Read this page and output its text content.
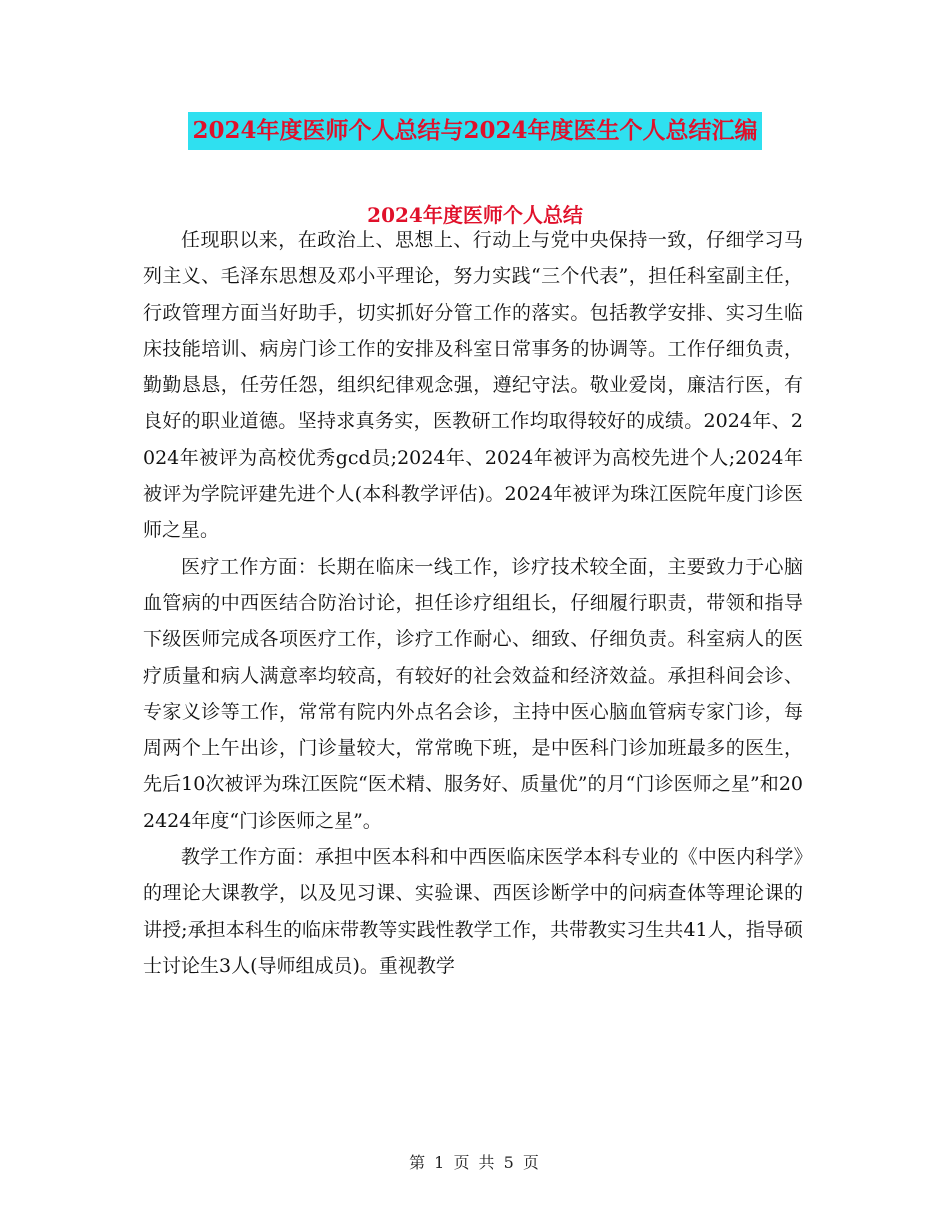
2024年度医师个人总结与2024年度医生个人总结汇编
2024年度医师个人总结

任现职以来，在政治上、思想上、行动上与党中央保持一致，仔细学习马列主义、毛泽东思想及邓小平理论，努力实践“三个代表”，担任科室副主任，行政管理方面当好助手，切实抓好分管工作的落实。包括教学安排、实习生临床技能培训、病房门诊工作的安排及科室日常事务的协调等。工作仔细负责，勤勤恳恳，任劳任怨，组织纪律观念强，遵纪守法。敬业爱岗，廉洁行医，有良好的职业道德。坚持求真务实，医教研工作均取得较好的成绩。2024年、2024年被评为高校优秀gcd员;2024年、2024年被评为高校先进个人;2024年被评为学院评建先进个人(本科教学评估)。2024年被评为珠江医院年度门诊医师之星。

医疗工作方面：长期在临床一线工作，诊疗技术较全面，主要致力于心脑血管病的中西医结合防治讨论，担任诊疗组组长，仔细履行职责，带领和指导下级医师完成各项医疗工作，诊疗工作耐心、细致、仔细负责。科室病人的医疗质量和病人满意率均较高，有较好的社会效益和经济效益。承担科间会诊、专家义诊等工作，常常有院内外点名会诊，主持中医心脑血管病专家门诊，每周两个上午出诊，门诊量较大，常常晚下班，是中医科门诊加班最多的医生，先后10次被评为珠江医院“医术精、服务好、质量优”的月“门诊医师之星”和202424年度“门诊医师之星”。

教学工作方面：承担中医本科和中西医临床医学本科专业的《中医内科学》的理论大课教学，以及见习课、实验课、西医诊断学中的问病查体等理论课的讲授;承担本科生的临床带教等实践性教学工作，共带教实习生共41人，指导硕士讨论生3人(导师组成员)。重视教学

第 1 页 共 5 页
